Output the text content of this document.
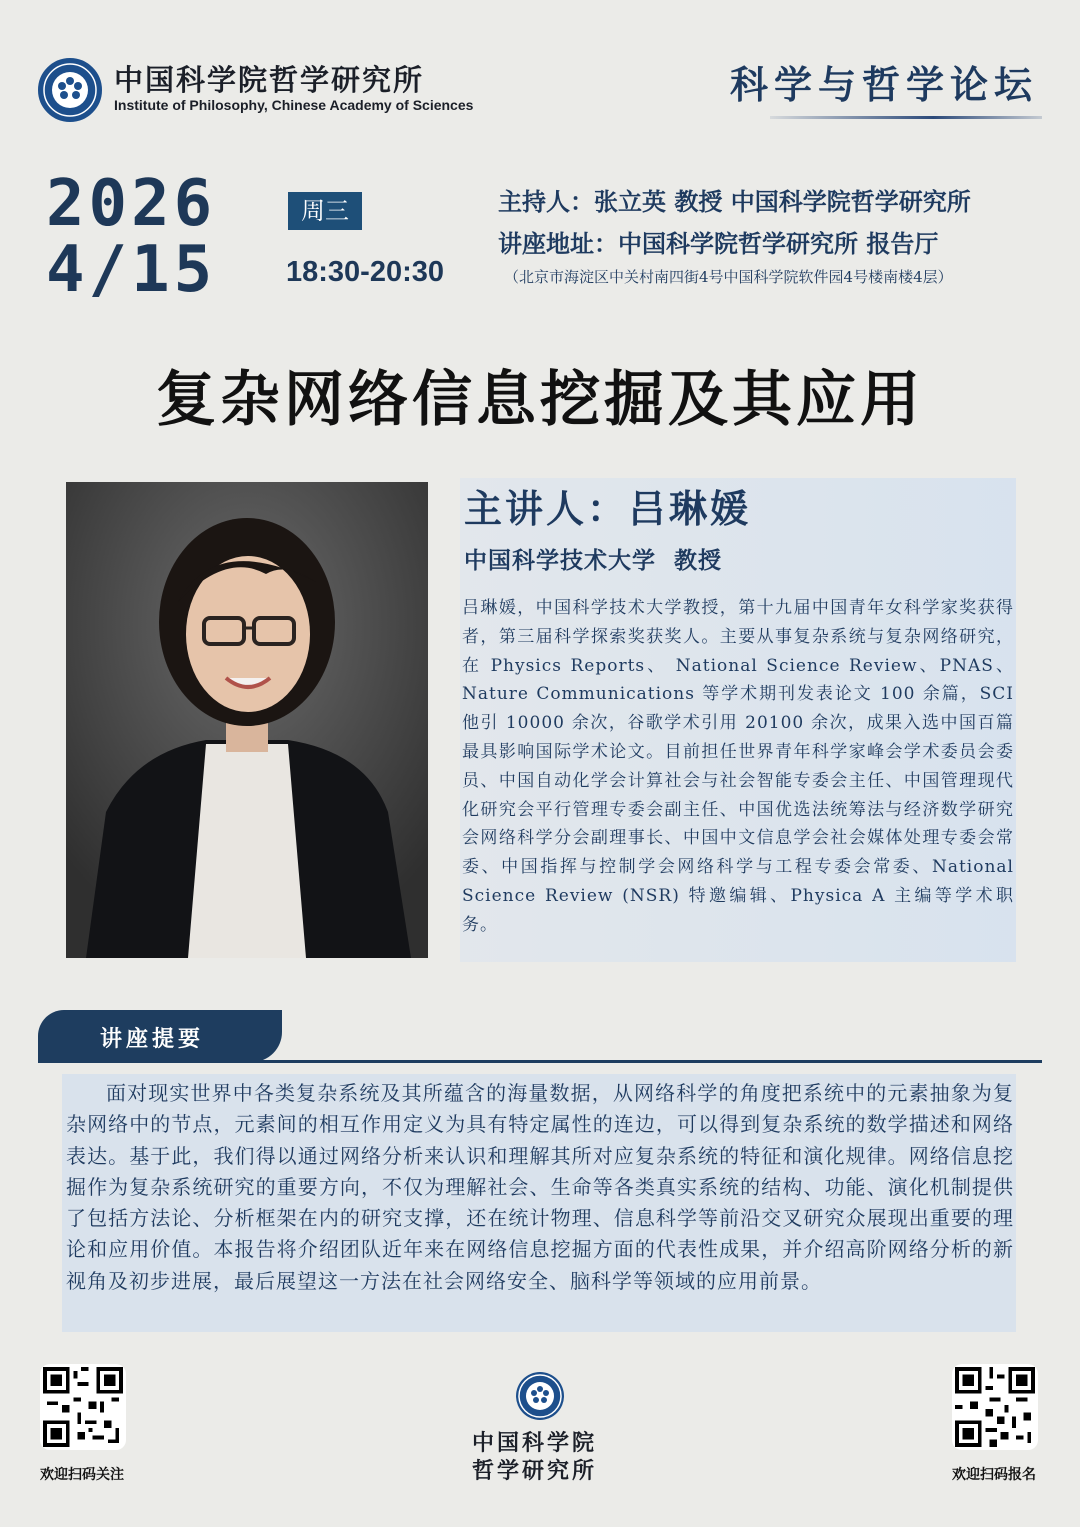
中国科学院哲学研究所
Institute of Philosophy, Chinese Academy of Sciences	科学与哲学论坛
2026
4/15
周三
18:30-20:30
主持人：张立英 教授 中国科学院哲学研究所
讲座地址：中国科学院哲学研究所 报告厅
（北京市海淀区中关村南四街4号中国科学院软件园4号楼南楼4层）
复杂网络信息挖掘及其应用
主讲人：吕琳媛
中国科学技术大学  教授
吕琳媛，中国科学技术大学教授，第十九届中国青年女科学家奖获得者，第三届科学探索奖获奖人。主要从事复杂系统与复杂网络研究，在 Physics Reports、 National Science Review、PNAS、Nature Communications 等学术期刊发表论文 100 余篇，SCI 他引 10000 余次，谷歌学术引用 20100 余次，成果入选中国百篇最具影响国际学术论文。目前担任世界青年科学家峰会学术委员会委员、中国自动化学会计算社会与社会智能专委会主任、中国管理现代化研究会平行管理专委会副主任、中国优选法统筹法与经济数学研究会网络科学分会副理事长、中国中文信息学会社会媒体处理专委会常委、中国指挥与控制学会网络科学与工程专委会常委、National Science Review (NSR) 特邀编辑、Physica A 主编等学术职务。
讲座提要
面对现实世界中各类复杂系统及其所蕴含的海量数据，从网络科学的角度把系统中的元素抽象为复杂网络中的节点，元素间的相互作用定义为具有特定属性的连边，可以得到复杂系统的数学描述和网络表达。基于此，我们得以通过网络分析来认识和理解其所对应复杂系统的特征和演化规律。网络信息挖掘作为复杂系统研究的重要方向，不仅为理解社会、生命等各类真实系统的结构、功能、演化机制提供了包括方法论、分析框架在内的研究支撑，还在统计物理、信息科学等前沿交叉研究众展现出重要的理论和应用价值。本报告将介绍团队近年来在网络信息挖掘方面的代表性成果，并介绍高阶网络分析的新视角及初步进展，最后展望这一方法在社会网络安全、脑科学等领域的应用前景。
欢迎扫码关注
中国科学院
哲学研究所	欢迎扫码报名
